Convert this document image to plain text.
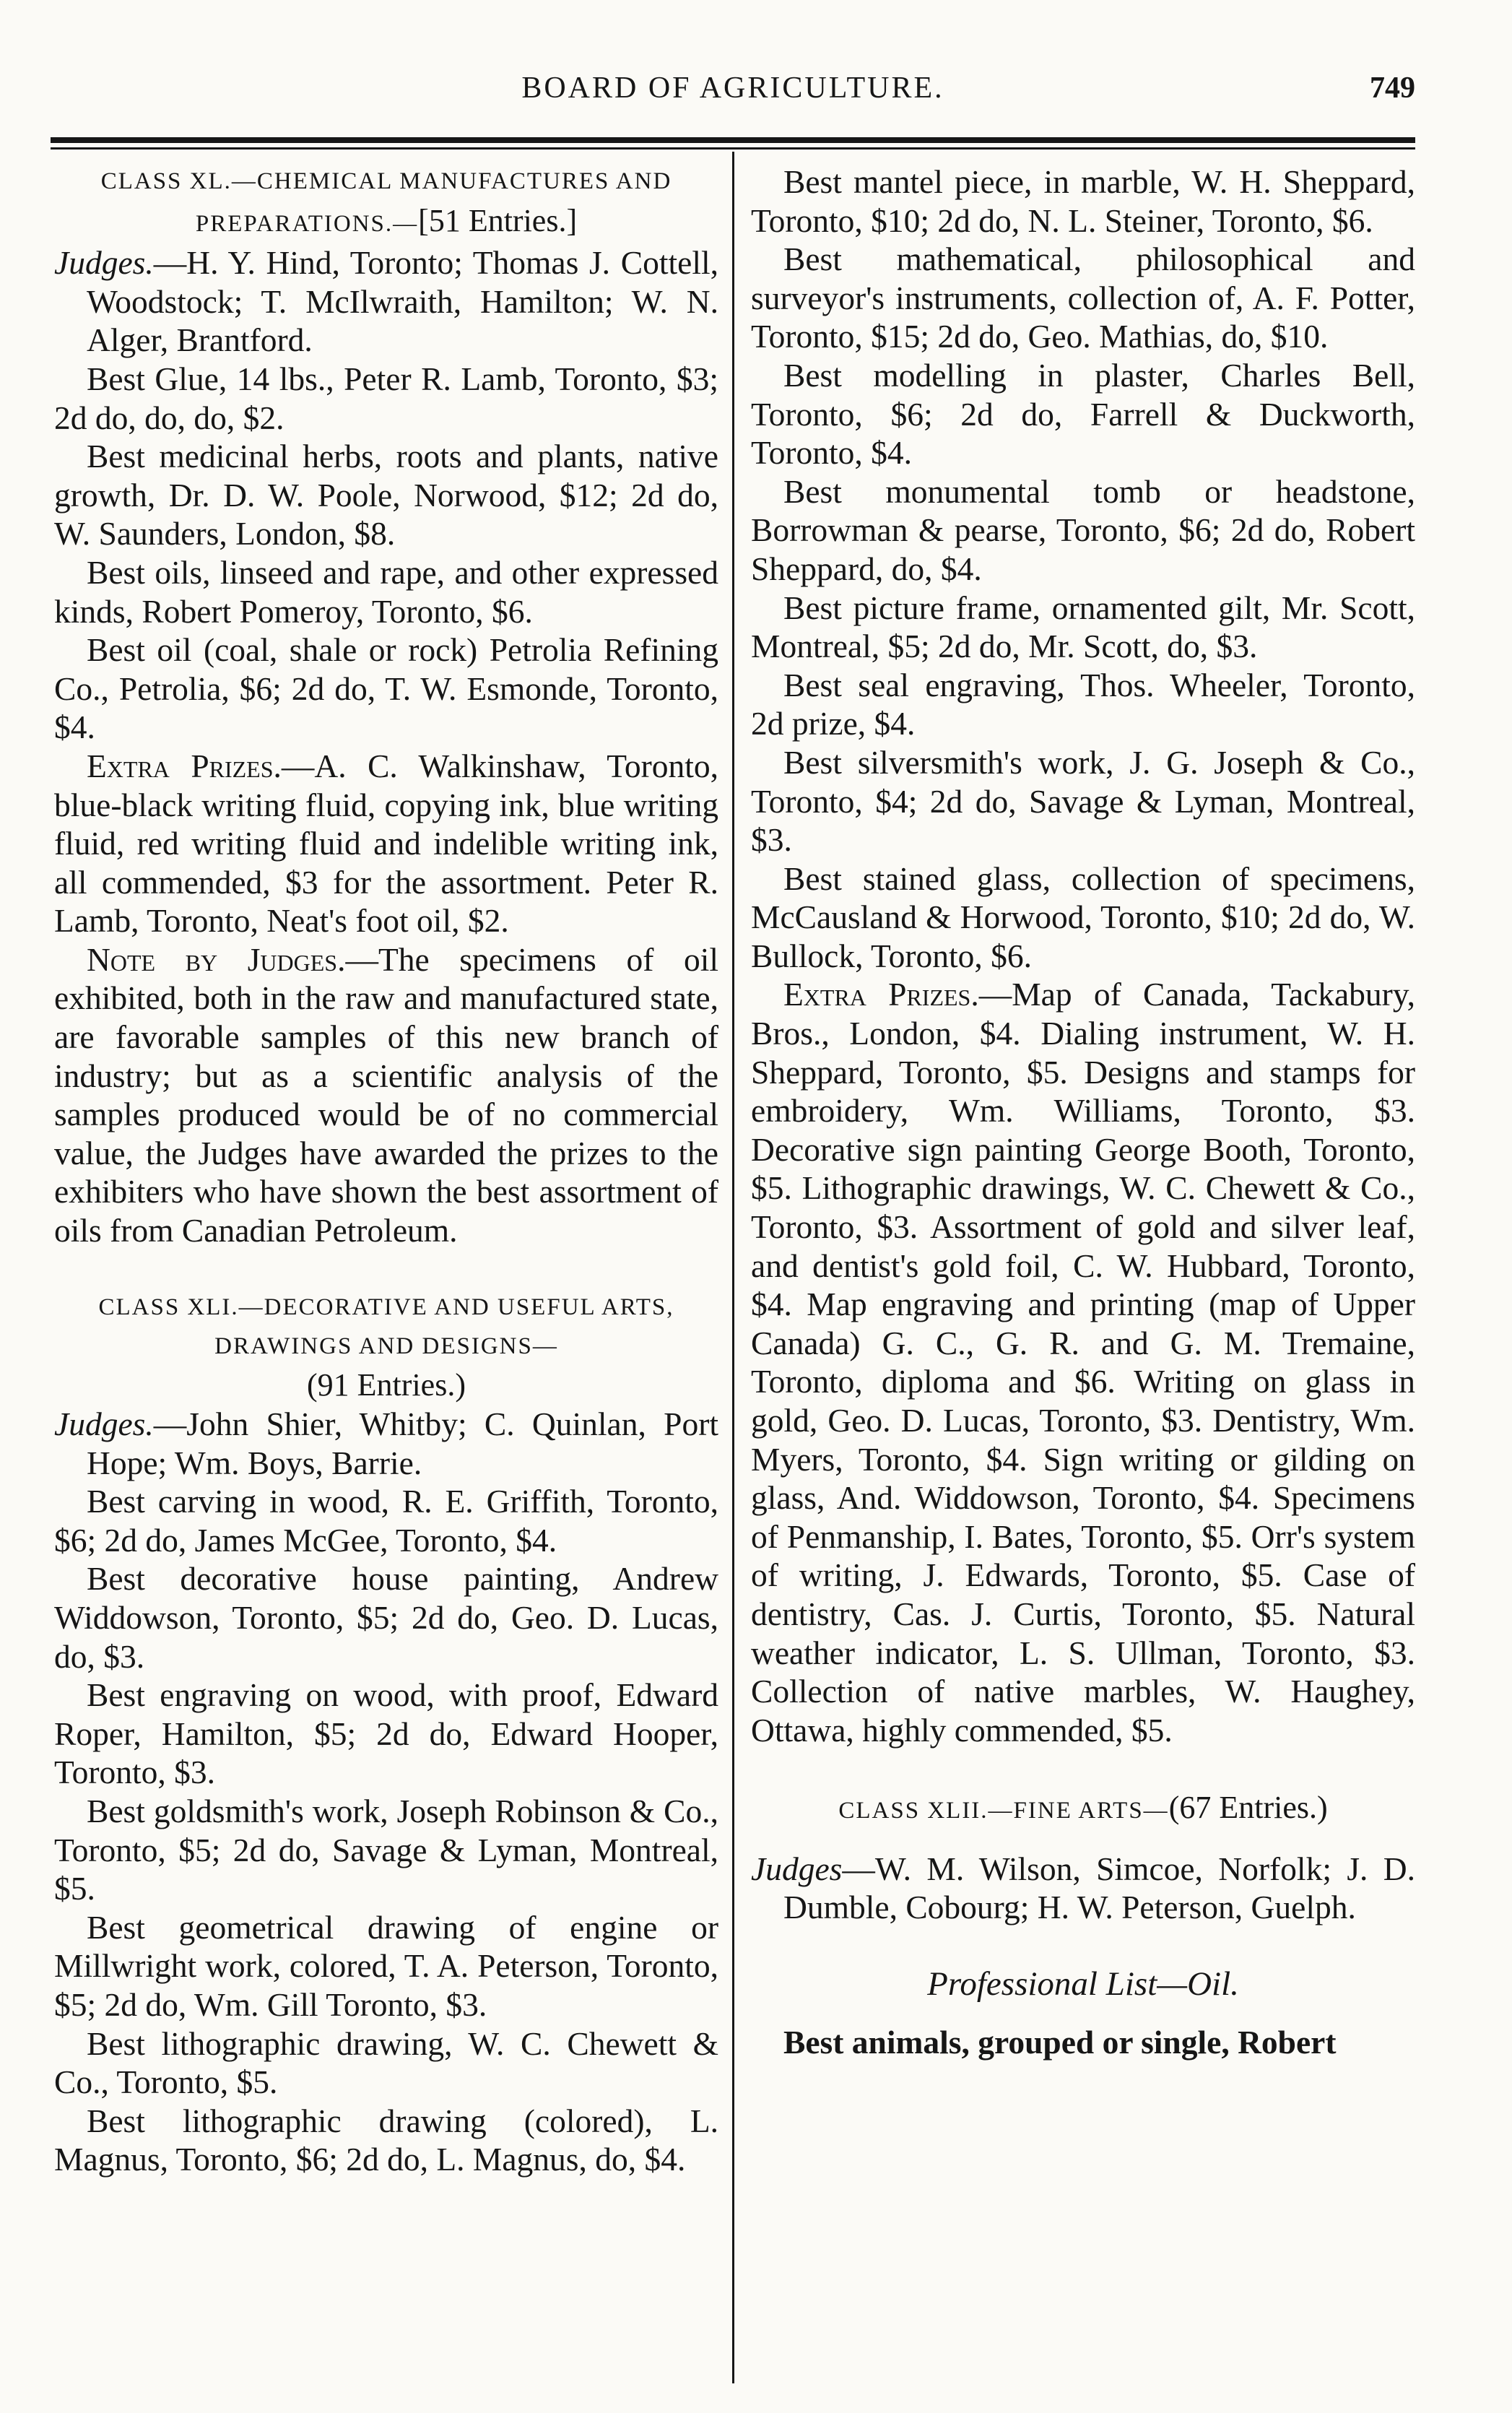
BOARD OF AGRICULTURE.	749
CLASS XL.—CHEMICAL MANUFACTURES AND PREPARATIONS.—[51 Entries.]
Judges.—H. Y. Hind, Toronto; Thomas J. Cottell, Woodstock; T. McIlwraith, Hamilton; W. N. Alger, Brantford.
Best Glue, 14 lbs., Peter R. Lamb, Toronto, $3; 2d do, do, do, $2.
Best medicinal herbs, roots and plants, native growth, Dr. D. W. Poole, Norwood, $12; 2d do, W. Saunders, London, $8.
Best oils, linseed and rape, and other expressed kinds, Robert Pomeroy, Toronto, $6.
Best oil (coal, shale or rock) Petrolia Refining Co., Petrolia, $6; 2d do, T. W. Esmonde, Toronto, $4.
Extra Prizes.—A. C. Walkinshaw, Toronto, blue-black writing fluid, copying ink, blue writing fluid, red writing fluid and indelible writing ink, all commended, $3 for the assortment. Peter R. Lamb, Toronto, Neat's foot oil, $2.
Note by Judges.—The specimens of oil exhibited, both in the raw and manufactured state, are favorable samples of this new branch of industry; but as a scientific analysis of the samples produced would be of no commercial value, the Judges have awarded the prizes to the exhibiters who have shown the best assortment of oils from Canadian Petroleum.
CLASS XLI.—DECORATIVE AND USEFUL ARTS, DRAWINGS AND DESIGNS—
(91 Entries.)
Judges.—John Shier, Whitby; C. Quinlan, Port Hope; Wm. Boys, Barrie.
Best carving in wood, R. E. Griffith, Toronto, $6; 2d do, James McGee, Toronto, $4.
Best decorative house painting, Andrew Widdowson, Toronto, $5; 2d do, Geo. D. Lucas, do, $3.
Best engraving on wood, with proof, Edward Roper, Hamilton, $5; 2d do, Edward Hooper, Toronto, $3.
Best goldsmith's work, Joseph Robinson & Co., Toronto, $5; 2d do, Savage & Lyman, Montreal, $5.
Best geometrical drawing of engine or Millwright work, colored, T. A. Peterson, Toronto, $5; 2d do, Wm. Gill Toronto, $3.
Best lithographic drawing, W. C. Chewett & Co., Toronto, $5.
Best lithographic drawing (colored), L. Magnus, Toronto, $6; 2d do, L. Magnus, do, $4.
Best mantel piece, in marble, W. H. Sheppard, Toronto, $10; 2d do, N. L. Steiner, Toronto, $6.
Best mathematical, philosophical and surveyor's instruments, collection of, A. F. Potter, Toronto, $15; 2d do, Geo. Mathias, do, $10.
Best modelling in plaster, Charles Bell, Toronto, $6; 2d do, Farrell & Duckworth, Toronto, $4.
Best monumental tomb or headstone, Borrowman & pearse, Toronto, $6; 2d do, Robert Sheppard, do, $4.
Best picture frame, ornamented gilt, Mr. Scott, Montreal, $5; 2d do, Mr. Scott, do, $3.
Best seal engraving, Thos. Wheeler, Toronto, 2d prize, $4.
Best silversmith's work, J. G. Joseph & Co., Toronto, $4; 2d do, Savage & Lyman, Montreal, $3.
Best stained glass, collection of specimens, McCausland & Horwood, Toronto, $10; 2d do, W. Bullock, Toronto, $6.
Extra Prizes.—Map of Canada, Tackabury, Bros., London, $4. Dialing instrument, W. H. Sheppard, Toronto, $5. Designs and stamps for embroidery, Wm. Williams, Toronto, $3. Decorative sign painting George Booth, Toronto, $5. Lithographic drawings, W. C. Chewett & Co., Toronto, $3. Assortment of gold and silver leaf, and dentist's gold foil, C. W. Hubbard, Toronto, $4. Map engraving and printing (map of Upper Canada) G. C., G. R. and G. M. Tremaine, Toronto, diploma and $6. Writing on glass in gold, Geo. D. Lucas, Toronto, $3. Dentistry, Wm. Myers, Toronto, $4. Sign writing or gilding on glass, And. Widdowson, Toronto, $4. Specimens of Penmanship, I. Bates, Toronto, $5. Orr's system of writing, J. Edwards, Toronto, $5. Case of dentistry, Cas. J. Curtis, Toronto, $5. Natural weather indicator, L. S. Ullman, Toronto, $3. Collection of native marbles, W. Haughey, Ottawa, highly commended, $5.
CLASS XLII.—FINE ARTS—(67 Entries.)
Judges—W. M. Wilson, Simcoe, Norfolk; J. D. Dumble, Cobourg; H. W. Peterson, Guelph.
Professional List—Oil.
Best animals, grouped or single, Robert
